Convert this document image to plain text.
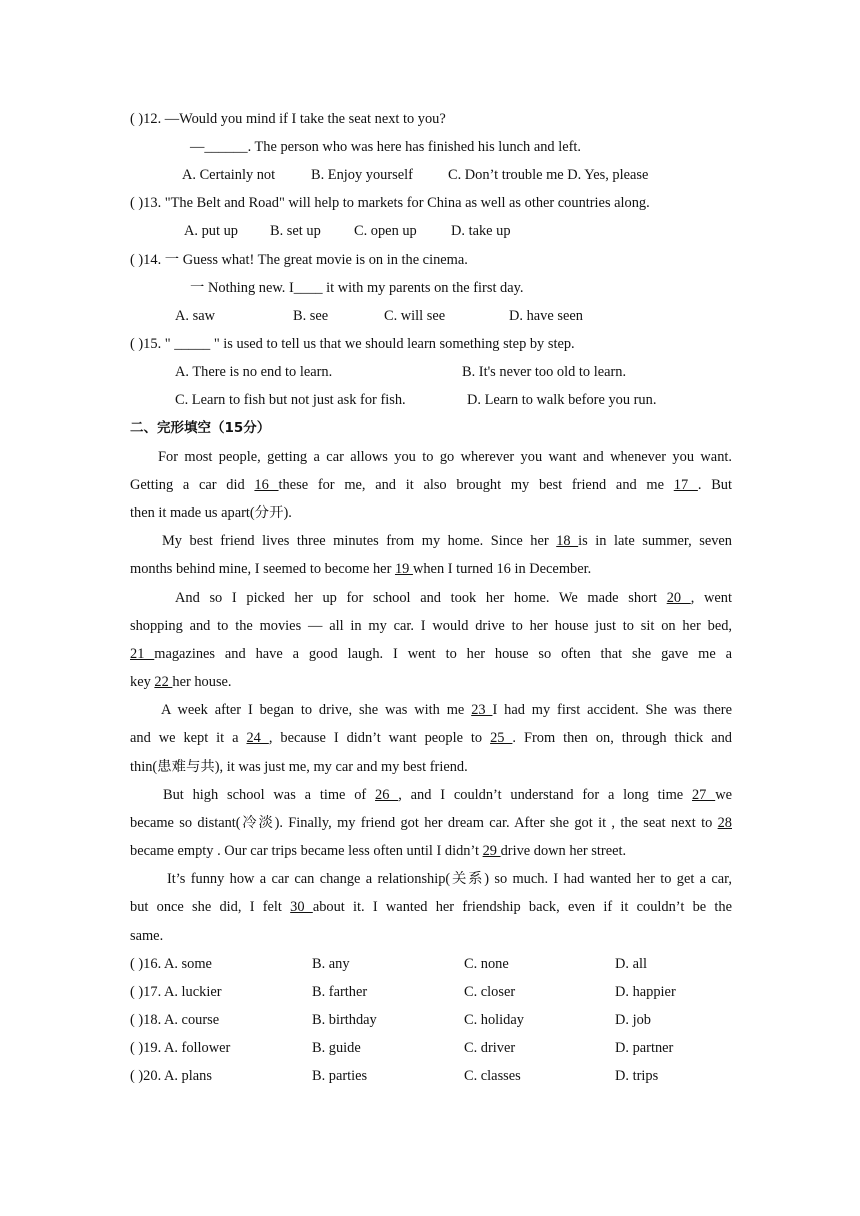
( )12. —Would you mind if I take the seat next to you?
—______. The person who was here has finished his lunch and left.
A. Certainly not B. Enjoy yourself C. Don’t trouble me D. Yes, please
( )13. "The Belt and Road" will help to markets for China as well as other countries along.
A. put up B. set up C. open up D. take up
( )14. 一 Guess what! The great movie is on in the cinema.
一 Nothing new. I____ it with my parents on the first day.
A. saw	B. see	C. will see	D. have seen
( )15. " _____ " is used to tell us that we should learn something step by step.
A. There is no end to learn.	B. It's never too old to learn.
C. Learn to fish but not just ask for fish.	D. Learn to walk before you run.
二、完形填空（15分）
For most people, getting a car allows you to go wherever you want and whenever you want.
Getting a car did 16 these for me, and it also brought my best friend and me 17 . But
then it made us apart(分开).
My best friend lives three minutes from my home. Since her 18 is in late summer, seven
months behind mine, I seemed to become her 19 when I turned 16 in December.
And so I picked her up for school and took her home. We made short 20 , went
shopping and to the movies — all in my car. I would drive to her house just to sit on her bed,
21 magazines and have a good laugh. I went to her house so often that she gave me a
key 22 her house.
A week after I began to drive, she was with me 23 I had my first accident. She was there
and we kept it a 24 , because I didn’t want people to 25 . From then on, through thick and
thin(患难与共), it was just me, my car and my best friend.
But high school was a time of 26 , and I couldn’t understand for a long time 27 we
became so distant(冷淡). Finally, my friend got her dream car. After she got it , the seat next to 28
became empty . Our car trips became less often until I didn’t 29 drive down her street.
It’s funny how a car can change a relationship(关系) so much. I had wanted her to get a car,
but once she did, I felt 30 about it. I wanted her friendship back, even if it couldn’t be the
same.
( )16. A. some	B. any	C. none	D. all
( )17. A. luckier	B. farther	C. closer	D. happier
( )18. A. course	B. birthday	C. holiday	D. job
( )19. A. follower	B. guide	C. driver	D. partner
( )20. A. plans	B. parties	C. classes	D. trips
